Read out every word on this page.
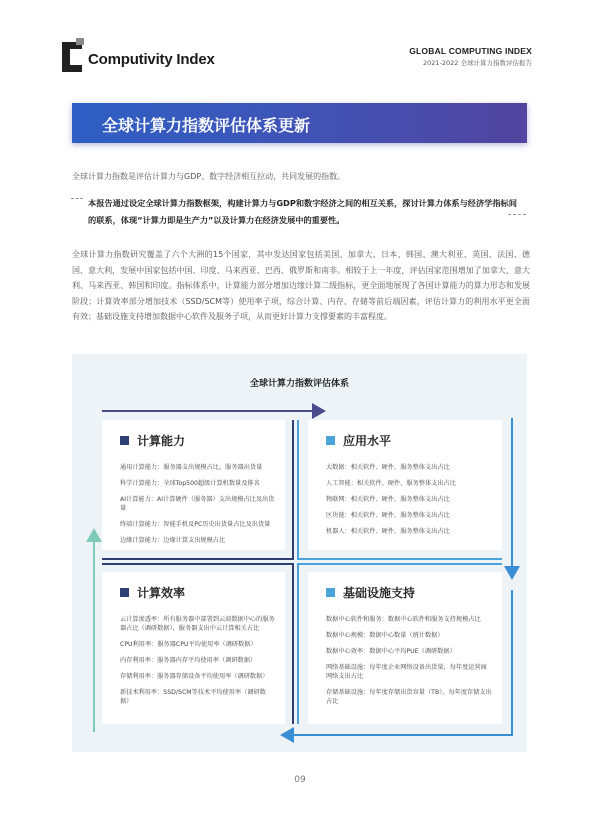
Computivity Index	GLOBAL COMPUTING INDEX
2021-2022 全球计算力指数评估报告
全球计算力指数评估体系更新
全球计算力指数是评估计算力与GDP、数字经济相互拉动，共同发展的指数。
本报告通过设定全球计算力指数框架，构建计算力与GDP和数字经济之间的相互关系，探讨计算力体系与经济学指标间的联系，体现“计算力即是生产力”以及计算力在经济发展中的重要性。
全球计算力指数研究覆盖了六个大洲的15个国家，其中发达国家包括美国、加拿大、日本、韩国、澳大利亚、英国、法国、德国、意大利，发展中国家包括中国、印度、马来西亚、巴西、俄罗斯和南非。相较于上一年度，评估国家范围增加了加拿大、意大利、马来西亚、韩国和印度。指标体系中，计算能力部分增加边缘计算二级指标，更全面地展现了各国计算能力的算力形态和发展阶段；计算效率部分增加技术（SSD/SCM等）使用率子项，综合计算、内存、存储等前后端因素，评估计算力的利用水平更全面有效；基础设施支持增加数据中心软件及服务子项，从而更好计算力支撑要素的丰富程度。
全球计算力指数评估体系
计算能力
通用计算能力：服务器支出规模占比，服务器出货量
科学计算能力：全球Top500超级计算机数量及排名
AI计算能力：AI计算硬件（服务器）支出规模占比及出货量
终端计算能力：智能手机及PC历史出货量占比及出货量
边缘计算能力：边缘计算支出规模占比
应用水平
大数据：相关软件、硬件、服务整体支出占比
人工智能：相关软件、硬件、服务整体支出占比
物联网：相关软件、硬件、服务整体支出占比
区块链：相关软件、硬件、服务整体支出占比
机器人：相关软件、硬件、服务整体支出占比
计算效率
云计算渗透率：所有服务器中部署到云端数据中心的服务器占比（调研数据），服务器支出中云计算相关占比
CPU利用率：服务器CPU平均使用率（调研数据）
内存利用率：服务器内存平均使用率（调研数据）
存储利用率：服务器存储设备平均使用率（调研数据）
新技术利用率：SSD/SCM等技术平均使用率（调研数据）
基础设施支持
数据中心软件和服务：数据中心软件和服务支持规模占比
数据中心规模：数据中心数量（统计数据）
数据中心效率：数据中心平均PUE（调研数据）
网络基础设施：每年度企业网络设备出货量，每年度运营商网络支出占比
存储基础设施：每年度存储出货容量（TB），每年度存储支出占比
09
